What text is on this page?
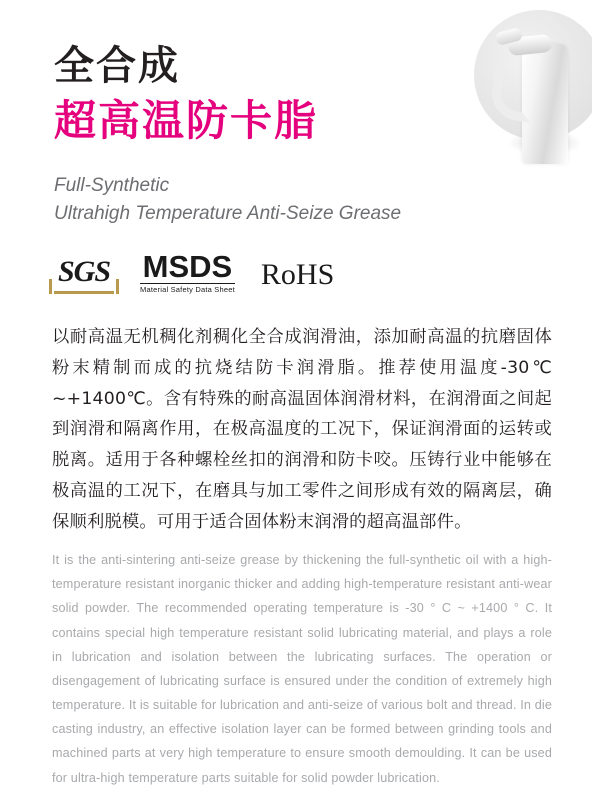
全合成
超高温防卡脂
Full-Synthetic
Ultrahigh Temperature Anti-Seize Grease
SGS MSDS
Material Safety Data Sheet RoHS
以耐高温无机稠化剂稠化全合成润滑油，添加耐高温的抗磨固体粉末精制而成的抗烧结防卡润滑脂。推荐使用温度-30℃ ~+1400℃。含有特殊的耐高温固体润滑材料，在润滑面之间起到润滑和隔离作用，在极高温度的工况下，保证润滑面的运转或脱离。适用于各种螺栓丝扣的润滑和防卡咬。压铸行业中能够在极高温的工况下，在磨具与加工零件之间形成有效的隔离层，确保顺利脱模。可用于适合固体粉末润滑的超高温部件。
It is the anti-sintering anti-seize grease by thickening the full-synthetic oil with a high-temperature resistant inorganic thicker and adding high-temperature resistant anti-wear solid powder. The recommended operating temperature is -30 ° C ~ +1400 ° C. It contains special high temperature resistant solid lubricating material, and plays a role in lubrication and isolation between the lubricating surfaces. The operation or disengagement of lubricating surface is ensured under the condition of extremely high temperature. It is suitable for lubrication and anti-seize of various bolt and thread. In die casting industry, an effective isolation layer can be formed between grinding tools and machined parts at very high temperature to ensure smooth demoulding. It can be used for ultra-high temperature parts suitable for solid powder lubrication.
